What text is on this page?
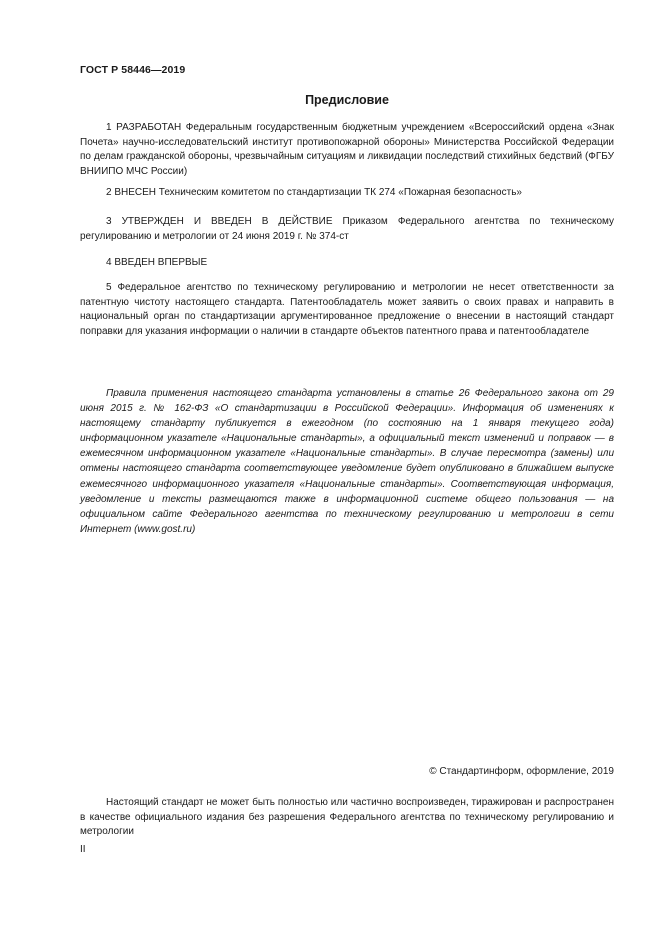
ГОСТ Р 58446—2019
Предисловие

1 РАЗРАБОТАН Федеральным государственным бюджетным учреждением «Всероссийский ордена «Знак Почета» научно-исследовательский институт противопожарной обороны» Министерства Российской Федерации по делам гражданской обороны, чрезвычайным ситуациям и ликвидации последствий стихийных бедствий (ФГБУ ВНИИПО МЧС России)

2 ВНЕСЕН Техническим комитетом по стандартизации ТК 274 «Пожарная безопасность»

3 УТВЕРЖДЕН И ВВЕДЕН В ДЕЙСТВИЕ Приказом Федерального агентства по техническому регулированию и метрологии от 24 июня 2019 г. № 374-ст

4 ВВЕДЕН ВПЕРВЫЕ

5 Федеральное агентство по техническому регулированию и метрологии не несет ответственности за патентную чистоту настоящего стандарта. Патентообладатель может заявить о своих правах и направить в национальный орган по стандартизации аргументированное предложение о внесении в настоящий стандарт поправки для указания информации о наличии в стандарте объектов патентного права и патентообладателе

Правила применения настоящего стандарта установлены в статье 26 Федерального закона от 29 июня 2015 г. № 162-ФЗ «О стандартизации в Российской Федерации». Информация об изменениях к настоящему стандарту публикуется в ежегодном (по состоянию на 1 января текущего года) информационном указателе «Национальные стандарты», а официальный текст изменений и поправок — в ежемесячном информационном указателе «Национальные стандарты». В случае пересмотра (замены) или отмены настоящего стандарта соответствующее уведомление будет опубликовано в ближайшем выпуске ежемесячного информационного указателя «Национальные стандарты». Соответствующая информация, уведомление и тексты размещаются также в информационной системе общего пользования — на официальном сайте Федерального агентства по техническому регулированию и метрологии в сети Интернет (www.gost.ru)

© Стандартинформ, оформление, 2019

Настоящий стандарт не может быть полностью или частично воспроизведен, тиражирован и распространен в качестве официального издания без разрешения Федерального агентства по техническому регулированию и метрологии

II
